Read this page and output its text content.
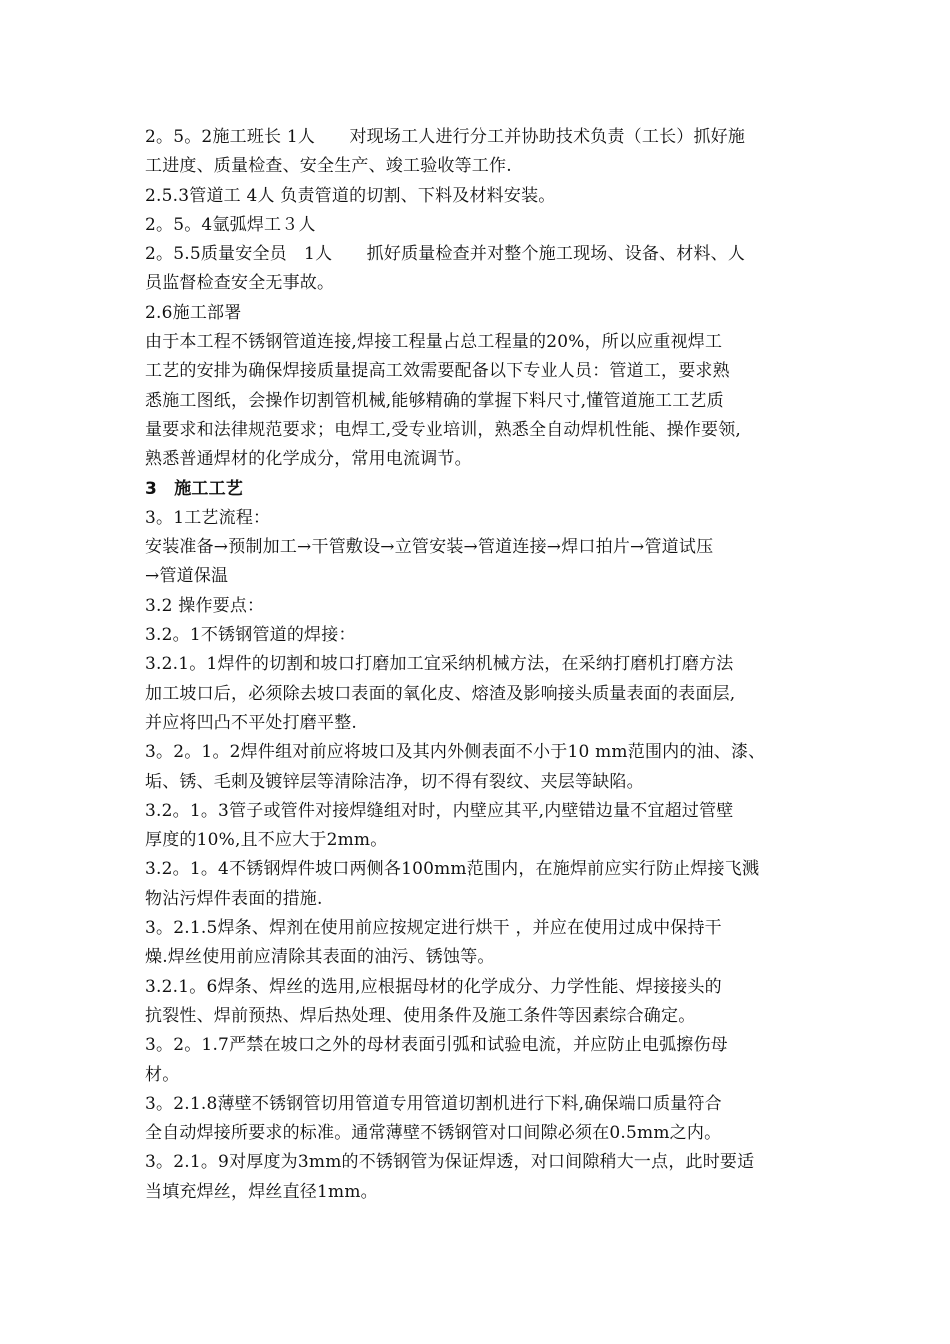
2。5。2施工班长 1人　　对现场工人进行分工并协助技术负责（工长）抓好施
工进度、质量检查、安全生产、竣工验收等工作.
2.5.3管道工 4人 负责管道的切割、下料及材料安装。
2。5。4氩弧焊工３人
2。5.5质量安全员　1人　　抓好质量检查并对整个施工现场、设备、材料、人
员监督检查安全无事故。
2.6施工部署
由于本工程不锈钢管道连接,焊接工程量占总工程量的20%，所以应重视焊工
工艺的安排为确保焊接质量提高工效需要配备以下专业人员：管道工，要求熟
悉施工图纸，会操作切割管机械,能够精确的掌握下料尺寸,懂管道施工工艺质
量要求和法律规范要求；电焊工,受专业培训，熟悉全自动焊机性能、操作要领,
熟悉普通焊材的化学成分，常用电流调节。
3　施工工艺
3。1工艺流程：
安装准备→预制加工→干管敷设→立管安装→管道连接→焊口拍片→管道试压
→管道保温
3.2 操作要点：
3.2。1不锈钢管道的焊接：
3.2.1。1焊件的切割和坡口打磨加工宜采纳机械方法，在采纳打磨机打磨方法
加工坡口后，必须除去坡口表面的氧化皮、熔渣及影响接头质量表面的表面层,
并应将凹凸不平处打磨平整.
3。2。1。2焊件组对前应将坡口及其内外侧表面不小于10 mm范围内的油、漆、
垢、锈、毛刺及镀锌层等清除洁净，切不得有裂纹、夹层等缺陷。
3.2。1。3管子或管件对接焊缝组对时，内壁应其平,内壁错边量不宜超过管壁
厚度的10%,且不应大于2mm。
3.2。1。4不锈钢焊件坡口两侧各100mm范围内，在施焊前应实行防止焊接飞溅
物沾污焊件表面的措施.
3。2.1.5焊条、焊剂在使用前应按规定进行烘干 ，并应在使用过成中保持干
燥.焊丝使用前应清除其表面的油污、锈蚀等。
3.2.1。6焊条、焊丝的选用,应根据母材的化学成分、力学性能、焊接接头的
抗裂性、焊前预热、焊后热处理、使用条件及施工条件等因素综合确定。
3。2。1.7严禁在坡口之外的母材表面引弧和试验电流，并应防止电弧擦伤母
材。
3。2.1.8薄壁不锈钢管切用管道专用管道切割机进行下料,确保端口质量符合
全自动焊接所要求的标准。通常薄壁不锈钢管对口间隙必须在0.5mm之内。
3。2.1。9对厚度为3mm的不锈钢管为保证焊透，对口间隙稍大一点，此时要适
当填充焊丝，焊丝直径1mm。
